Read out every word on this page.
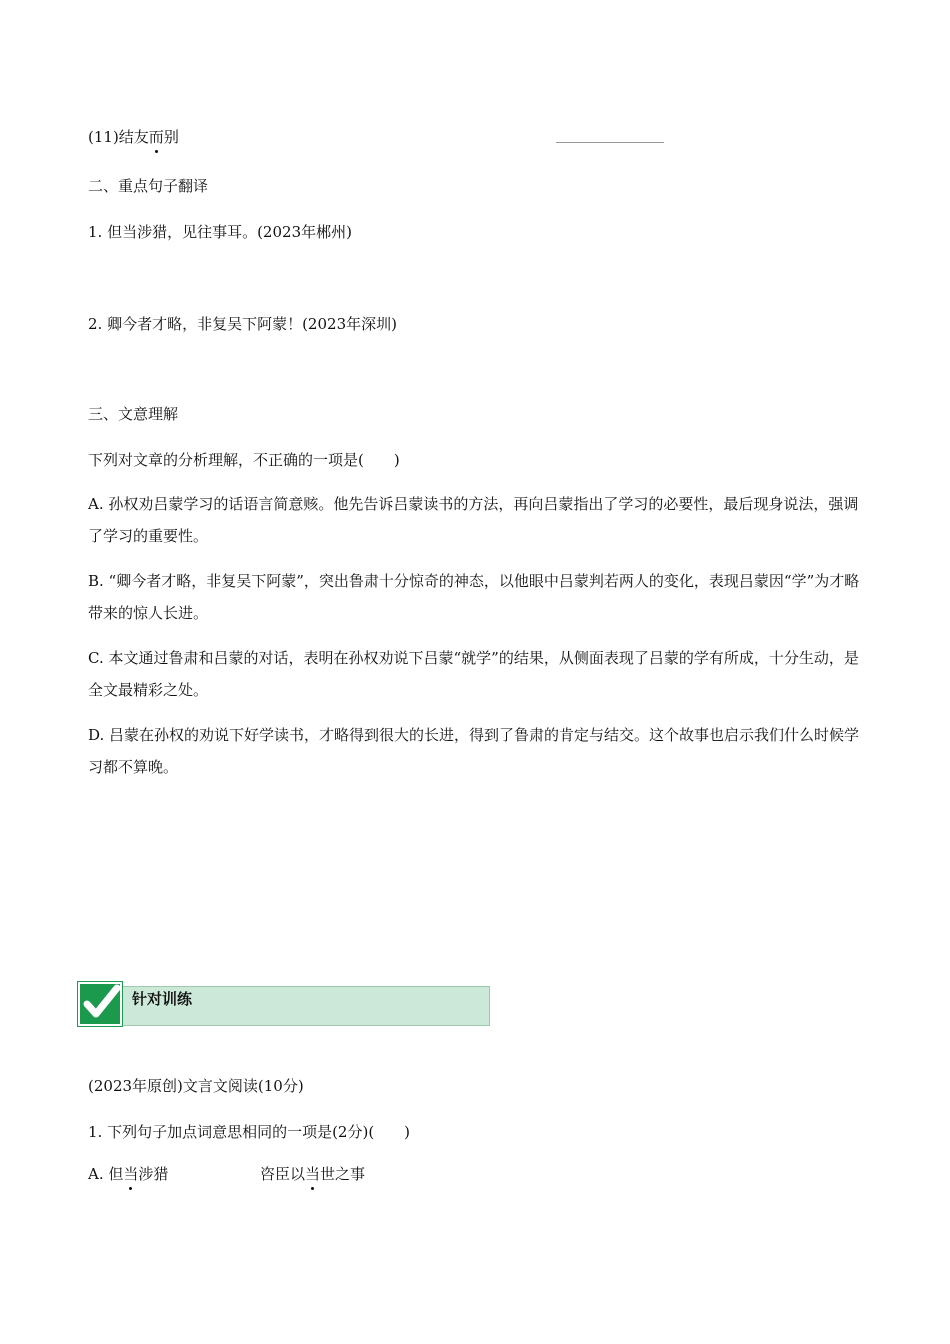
(11)结友而
别
二、重点句子翻译
1. 但当涉猎，见往事耳。(2023年郴州)
2. 卿今者才略，非复吴下阿蒙！(2023年深圳)
三、文意理解
下列对文章的分析理解，不正确的一项是(　　)
A. 孙权劝吕蒙学习的话语言简意赅。他先告诉吕蒙读书的方法，再向吕蒙指出了学习的必要性，最后现身说法，强调了学习的重要性。
B. “卿今者才略，非复吴下阿蒙”，突出鲁肃十分惊奇的神态，以他眼中吕蒙判若两人的变化，表现吕蒙因“学”为才略带来的惊人长进。
C. 本文通过鲁肃和吕蒙的对话，表明在孙权劝说下吕蒙“就学”的结果，从侧面表现了吕蒙的学有所成，十分生动，是全文最精彩之处。
D. 吕蒙在孙权的劝说下好学读书，才略得到很大的长进，得到了鲁肃的肯定与结交。这个故事也启示我们什么时候学习都不算晚。
针对训练
(2023年原创)文言文阅读(10分)
1. 下列句子加点词意思相同的一项是(2分)(　　)
A. 但当
涉猎	咨臣以当
世之事
